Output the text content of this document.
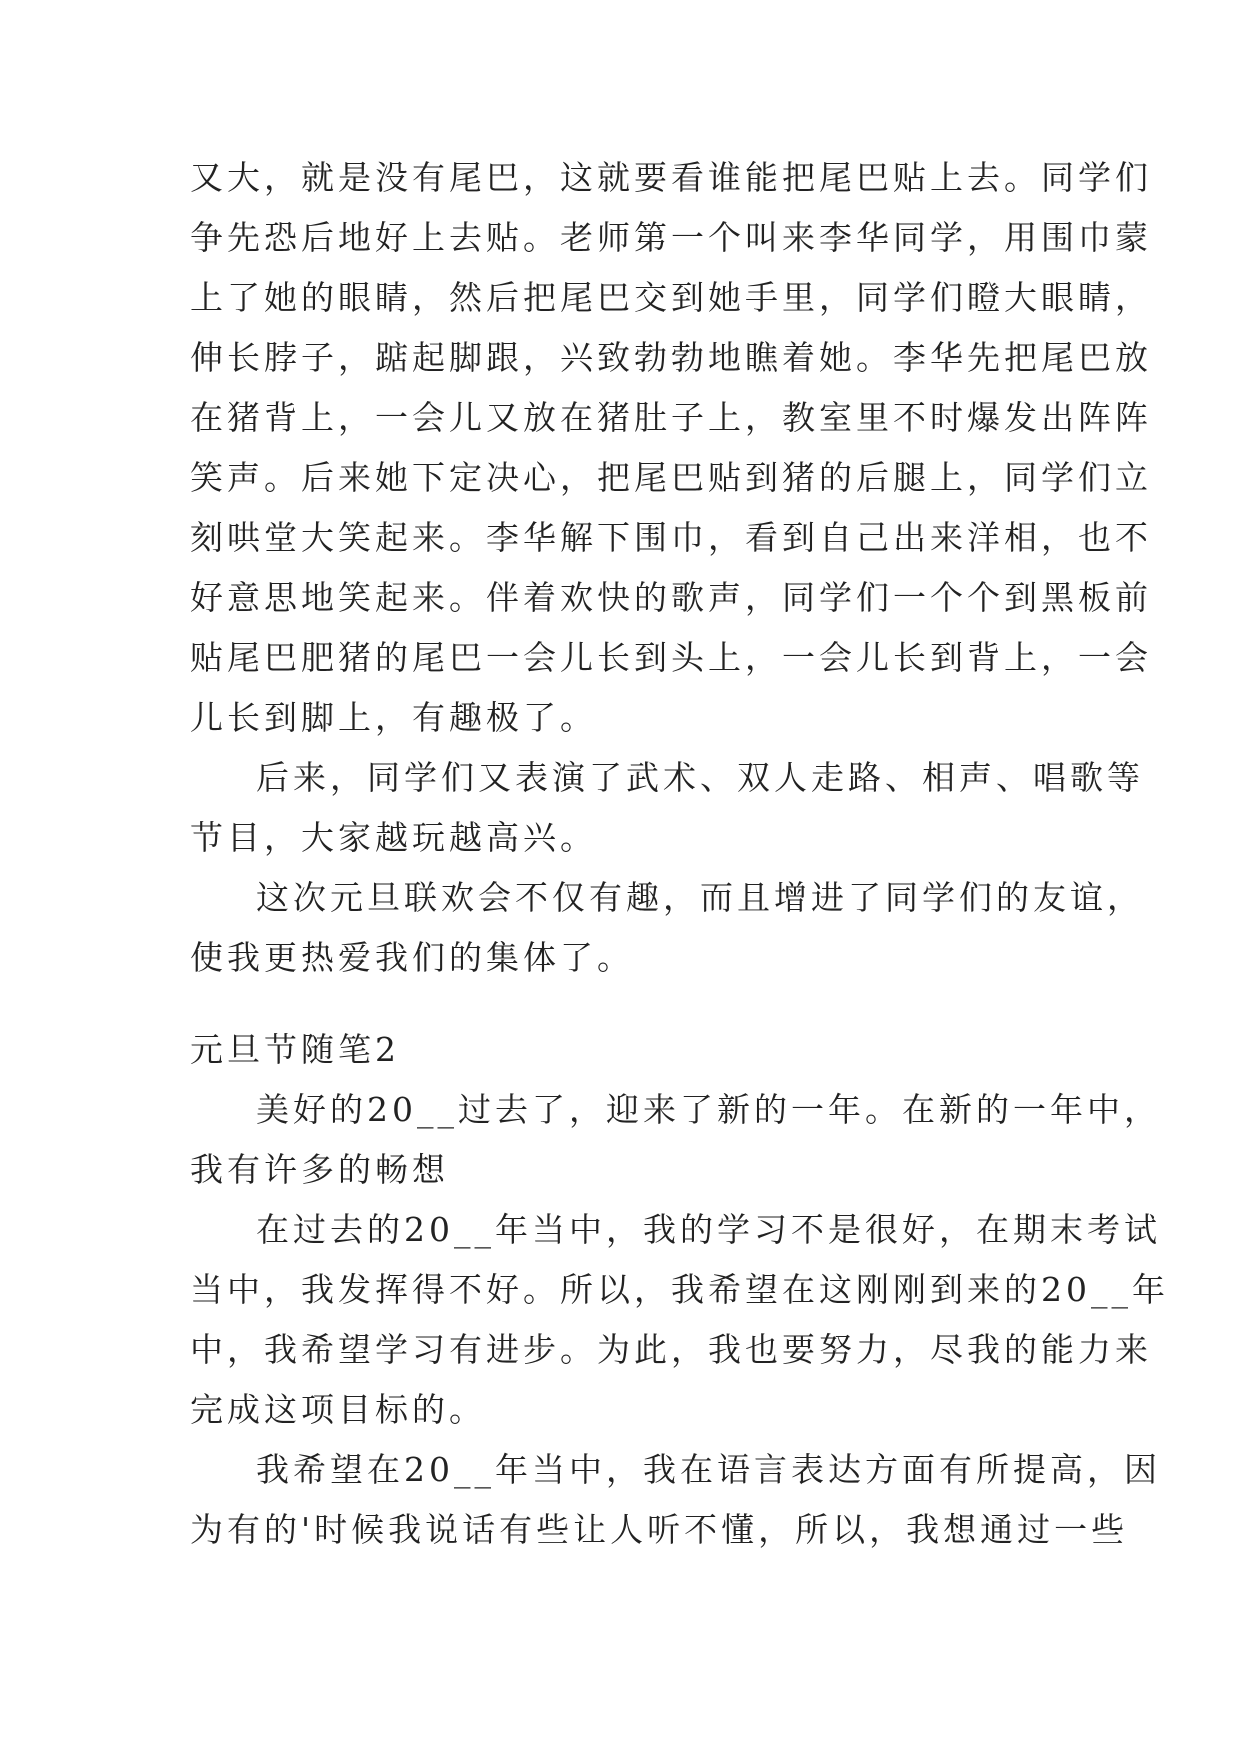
又大，就是没有尾巴，这就要看谁能把尾巴贴上去。同学们
争先恐后地好上去贴。老师第一个叫来李华同学，用围巾蒙
上了她的眼睛，然后把尾巴交到她手里，同学们瞪大眼睛，
伸长脖子，踮起脚跟，兴致勃勃地瞧着她。李华先把尾巴放
在猪背上，一会儿又放在猪肚子上，教室里不时爆发出阵阵
笑声。后来她下定决心，把尾巴贴到猪的后腿上，同学们立
刻哄堂大笑起来。李华解下围巾，看到自己出来洋相，也不
好意思地笑起来。伴着欢快的歌声，同学们一个个到黑板前
贴尾巴肥猪的尾巴一会儿长到头上，一会儿长到背上，一会
儿长到脚上，有趣极了。
后来，同学们又表演了武术、双人走路、相声、唱歌等
节目，大家越玩越高兴。
这次元旦联欢会不仅有趣，而且增进了同学们的友谊，
使我更热爱我们的集体了。
元旦节随笔2
美好的20__过去了，迎来了新的一年。在新的一年中，
我有许多的畅想
在过去的20__年当中，我的学习不是很好，在期末考试
当中，我发挥得不好。所以，我希望在这刚刚到来的20__年
中，我希望学习有进步。为此，我也要努力，尽我的能力来
完成这项目标的。
我希望在20__年当中，我在语言表达方面有所提高，因
为有的'时候我说话有些让人听不懂，所以，我想通过一些
